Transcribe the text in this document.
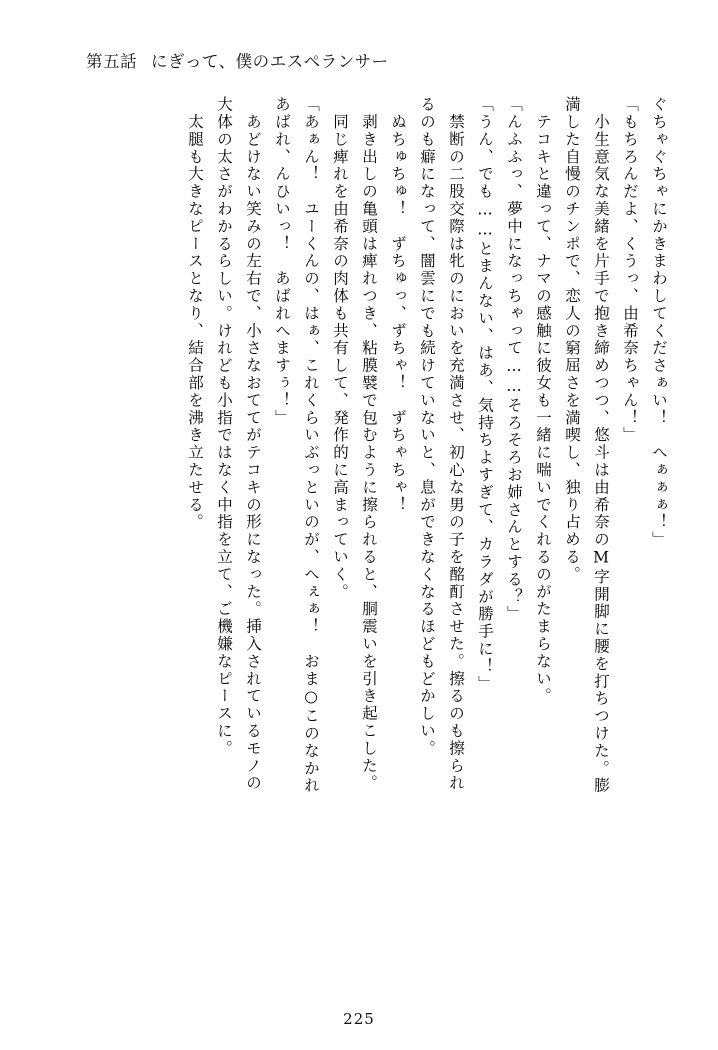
第五話 にぎって、僕のエスペランサー
ぐちゃぐちゃにかきまわしてくださぁい！　へぁぁぁ！」
「もちろんだよ、くうっ、由希奈ちゃん！」
　小生意気な美緒を片手で抱き締めつつ、悠斗は由希奈のM字開脚に腰を打ちつけた。膨
満した自慢のチンポで、恋人の窮屈さを満喫し、独り占める。
　テコキと違って、ナマの感触に彼女も一緒に喘いでくれるのがたまらない。
「んふふっ、夢中になっちゃって……そろそろお姉さんとする？」
「うん、でも……とまんない、はあ、気持ちよすぎて、カラダが勝手に！」
　禁断の二股交際は牝のにおいを充満させ、初心な男の子を酩酊させた。擦るのも擦られ
るのも癖になって、闇雲にでも続けていないと、息ができなくなるほどもどかしい。
　ぬちゅちゅ！　ずちゅっ、ずちゃ！　ずちゃちゃ！
　剥き出しの亀頭は痺れつき、粘膜襞で包むように擦られると、胴震いを引き起こした。
　同じ痺れを由希奈の肉体も共有して、発作的に高まっていく。
「あぁん！　ユーくんの、はぁ、これくらいぶっといのが、へぇぁ！　おま○このなかれ
あばれ、んひいっ！　あばれへますぅ！」
　あどけない笑みの左右で、小さなおててがテコキの形になった。挿入されているモノの
大体の太さがわかるらしい。けれども小指ではなく中指を立て、ご機嫌なピースに。
　太腿も大きなピースとなり、結合部を沸き立たせる。
225
